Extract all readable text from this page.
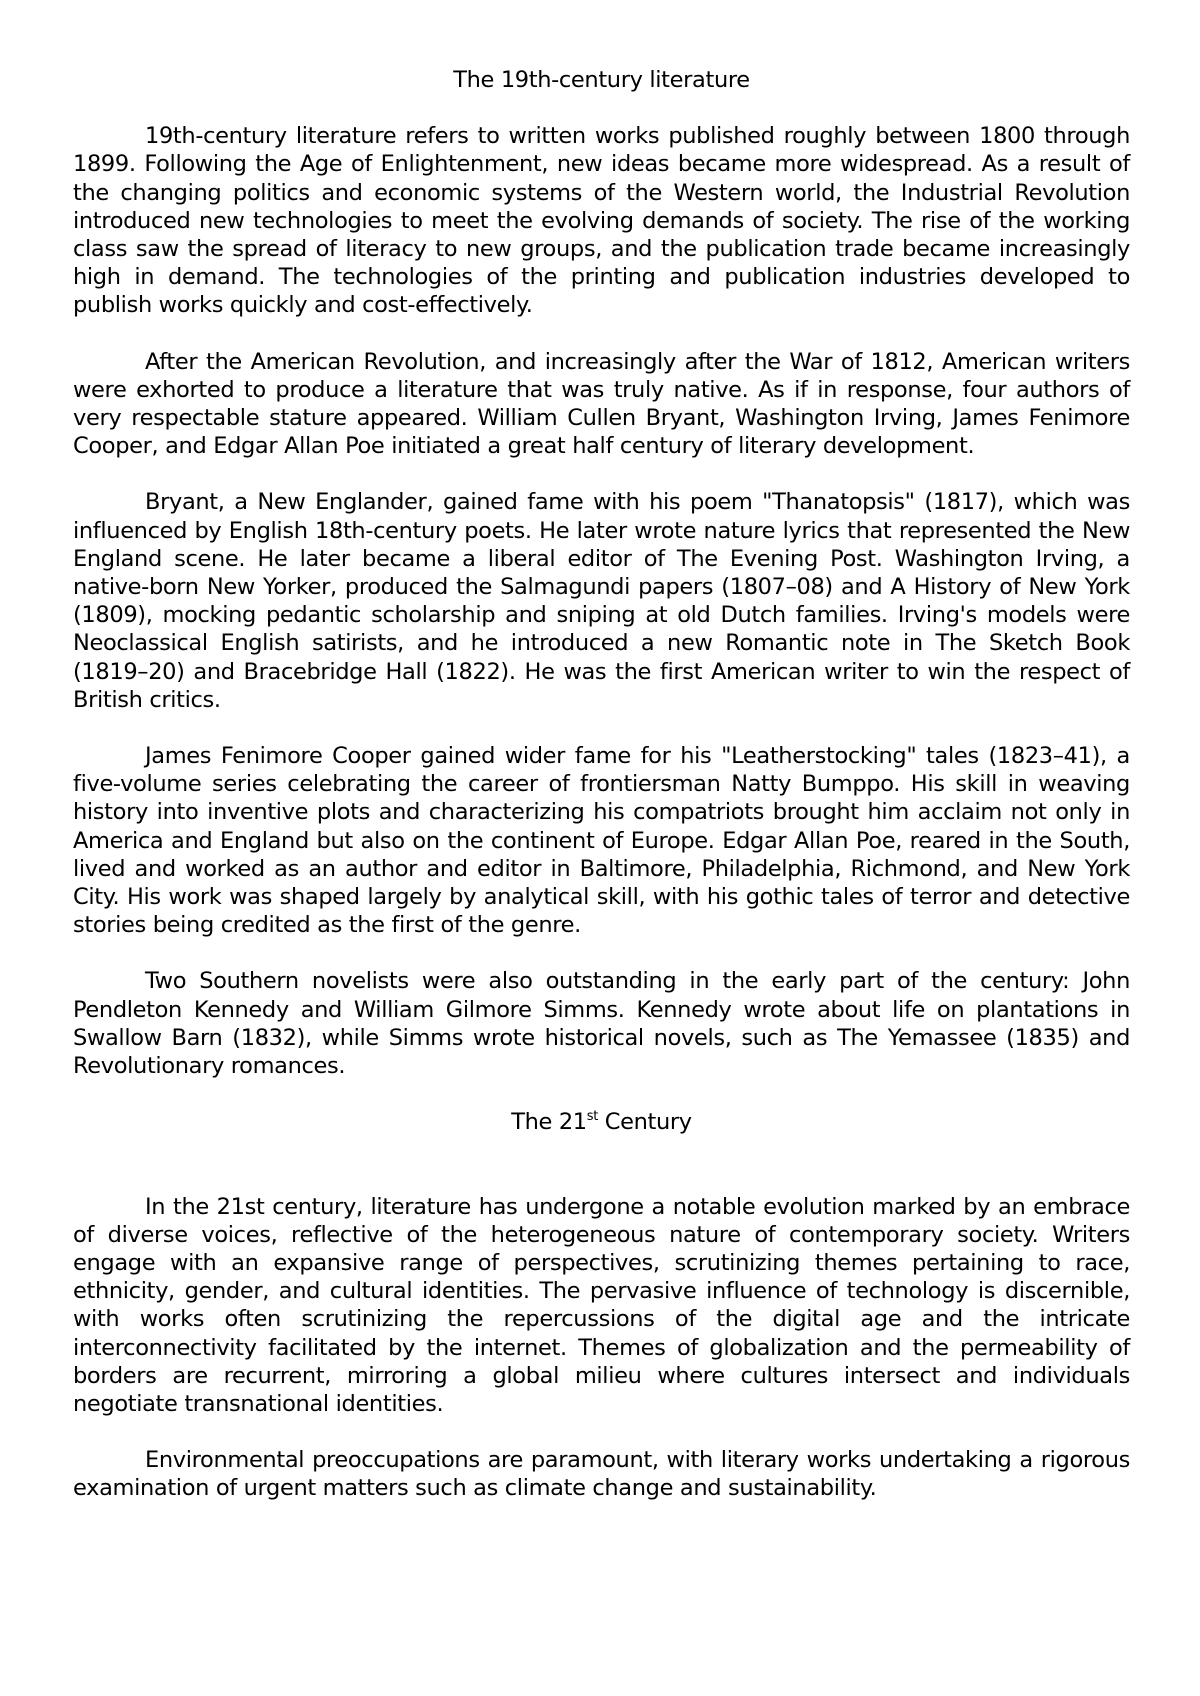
The 19th-century literature

19th-century literature refers to written works published roughly between 1800 through 1899. Following the Age of Enlightenment, new ideas became more widespread. As a result of the changing politics and economic systems of the Western world, the Industrial Revolution introduced new technologies to meet the evolving demands of society. The rise of the working class saw the spread of literacy to new groups, and the publication trade became increasingly high in demand. The technologies of the printing and publication industries developed to publish works quickly and cost-effectively.

After the American Revolution, and increasingly after the War of 1812, American writers were exhorted to produce a literature that was truly native. As if in response, four authors of very respectable stature appeared. William Cullen Bryant, Washington Irving, James Fenimore Cooper, and Edgar Allan Poe initiated a great half century of literary development.

Bryant, a New Englander, gained fame with his poem "Thanatopsis" (1817), which was influenced by English 18th-century poets. He later wrote nature lyrics that represented the New England scene. He later became a liberal editor of The Evening Post. Washington Irving, a native-born New Yorker, produced the Salmagundi papers (1807–08) and A History of New York (1809), mocking pedantic scholarship and sniping at old Dutch families. Irving's models were Neoclassical English satirists, and he introduced a new Romantic note in The Sketch Book (1819–20) and Bracebridge Hall (1822). He was the first American writer to win the respect of British critics.

James Fenimore Cooper gained wider fame for his "Leatherstocking" tales (1823–41), a five-volume series celebrating the career of frontiersman Natty Bumppo. His skill in weaving history into inventive plots and characterizing his compatriots brought him acclaim not only in America and England but also on the continent of Europe. Edgar Allan Poe, reared in the South, lived and worked as an author and editor in Baltimore, Philadelphia, Richmond, and New York City. His work was shaped largely by analytical skill, with his gothic tales of terror and detective stories being credited as the first of the genre.

Two Southern novelists were also outstanding in the early part of the century: John Pendleton Kennedy and William Gilmore Simms. Kennedy wrote about life on plantations in Swallow Barn (1832), while Simms wrote historical novels, such as The Yemassee (1835) and Revolutionary romances.

The 21st Century

In the 21st century, literature has undergone a notable evolution marked by an embrace of diverse voices, reflective of the heterogeneous nature of contemporary society. Writers engage with an expansive range of perspectives, scrutinizing themes pertaining to race, ethnicity, gender, and cultural identities. The pervasive influence of technology is discernible, with works often scrutinizing the repercussions of the digital age and the intricate interconnectivity facilitated by the internet. Themes of globalization and the permeability of borders are recurrent, mirroring a global milieu where cultures intersect and individuals negotiate transnational identities.

Environmental preoccupations are paramount, with literary works undertaking a rigorous examination of urgent matters such as climate change and sustainability.
